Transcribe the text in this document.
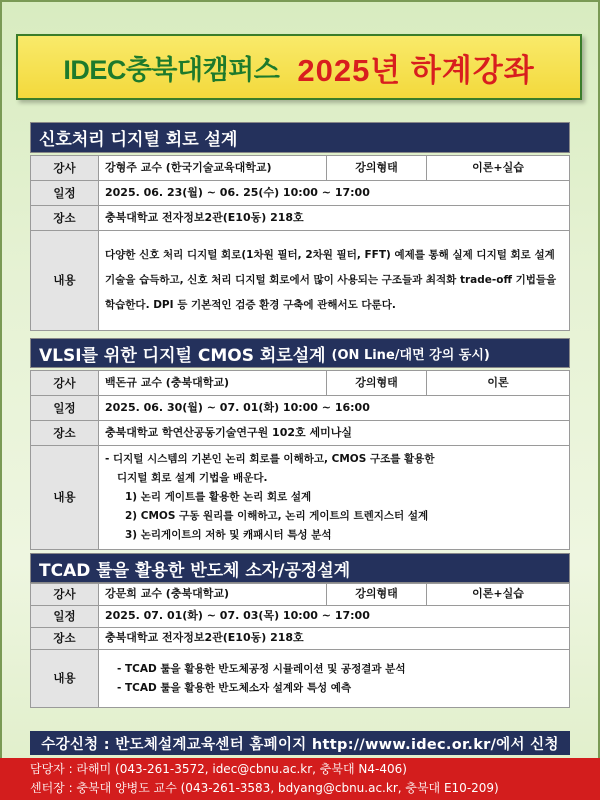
IDEC충북대캠퍼스 2025년 하계강좌
신호처리 디지털 회로 설계
강사	강형주 교수 (한국기술교육대학교)	강의형태	이론+실습
일정	2025. 06. 23(월) ~ 06. 25(수) 10:00 ~ 17:00		
장소	충북대학교 전자정보2관(E10동) 218호		
내용	다양한 신호 처리 디지털 회로(1차원 필터, 2차원 필터, FFT) 예제를 통해 실제 디지털 회로 설계 기술을 습득하고, 신호 처리 디지털 회로에서 많이 사용되는 구조들과 최적화 trade-off 기법들을 학습한다. DPI 등 기본적인 검증 환경 구축에 관해서도 다룬다.		
VLSI를 위한 디지털 CMOS 회로설계 (ON Line/대면 강의 동시)
강사	백돈규 교수 (충북대학교)	강의형태	이론
일정	2025. 06. 30(월) ~ 07. 01(화) 10:00 ~ 16:00		
장소	충북대학교 학연산공동기술연구원 102호 세미나실		
내용	- 디지털 시스템의 기본인 논리 회로를 이해하고, CMOS 구조를 활용한
디지털 회로 설계 기법을 배운다.
1) 논리 게이트를 활용한 논리 회로 설계
2) CMOS 구동 원리를 이해하고, 논리 게이트의 트렌지스터 설계
3) 논리게이트의 저하 및 캐패시터 특성 분석		
TCAD 툴을 활용한 반도체 소자/공정설계
강사	강문희 교수 (충북대학교)	강의형태	이론+실습
일정	2025. 07. 01(화) ~ 07. 03(목) 10:00 ~ 17:00		
장소	충북대학교 전자정보2관(E10동) 218호		
내용	- TCAD 툴을 활용한 반도체공정 시뮬레이션 및 공정결과 분석
- TCAD 툴을 활용한 반도체소자 설계와 특성 예측		
수강신청 : 반도체설계교육센터 홈페이지 http://www.idec.or.kr/에서 신청
담당자 : 라해미 (043-261-3572, idec@cbnu.ac.kr, 충북대 N4-406)
센터장 : 충북대 양병도 교수 (043-261-3583, bdyang@cbnu.ac.kr, 충북대 E10-209)
